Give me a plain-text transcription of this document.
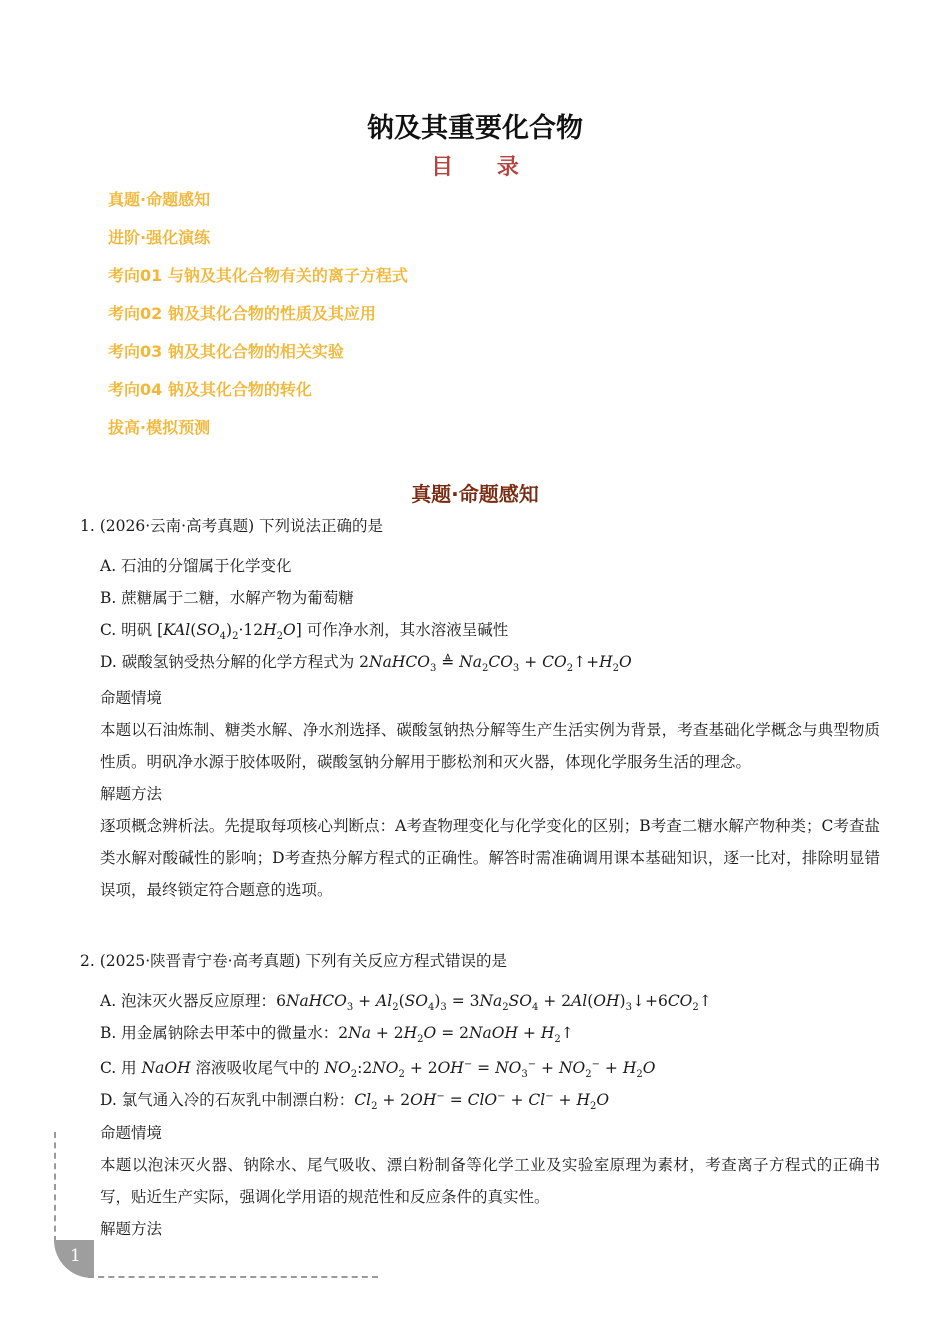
钠及其重要化合物
目 录
真题·命题感知
进阶·强化演练
考向01 与钠及其化合物有关的离子方程式
考向02 钠及其化合物的性质及其应用
考向03 钠及其化合物的相关实验
考向04 钠及其化合物的转化
拔高·模拟预测
真题·命题感知
1. (2026·云南·高考真题) 下列说法正确的是
A. 石油的分馏属于化学变化
B. 蔗糖属于二糖，水解产物为葡萄糖
C. 明矾 $[KAl(SO_4)_2\cdot 12H_2O]$ 可作净水剂，其水溶液呈碱性
D. 碳酸氢钠受热分解的化学方程式为 2NaHCO$_3$ ≜ $Na_2CO_3$ + $CO_2↑+H_2O$
命题情境
本题以石油炼制、糖类水解、净水剂选择、碳酸氢钠热分解等生产生活实例为背景，考查基础化学概念与典型物质性质。明矾净水源于胶体吸附，碳酸氢钠分解用于膨松剂和灭火器，体现化学服务生活的理念。
解题方法
逐项概念辨析法。先提取每项核心判断点：A考查物理变化与化学变化的区别；B考查二糖水解产物种类；C考查盐类水解对酸碱性的影响；D考查热分解方程式的正确性。解答时需准确调用课本基础知识，逐一比对，排除明显错误项，最终锁定符合题意的选项。
2. (2025·陕晋青宁卷·高考真题) 下列有关反应方程式错误的是
A. 泡沫灭火器反应原理：6NaHCO$_3$ + $Al_2(SO_4)_3 = 3Na_2SO_4$ + $2Al(OH)_3↓+6CO_2↑$
B. 用金属钠除去甲苯中的微量水：$2Na + 2H_2O$ = 2NaOH + $H_2↑$
C. 用 NaOH 溶液吸收尾气中的 $NO_2:2NO_2 + 2OH^- = NO_3^- + NO_2^- + H_2O$
D. 氯气通入冷的石灰乳中制漂白粉：$Cl_2 + 2OH^- = ClO^- + Cl^- + H_2O$
命题情境
本题以泡沫灭火器、钠除水、尾气吸收、漂白粉制备等化学工业及实验室原理为素材，考查离子方程式的正确书写，贴近生产实际，强调化学用语的规范性和反应条件的真实性。
解题方法
1
